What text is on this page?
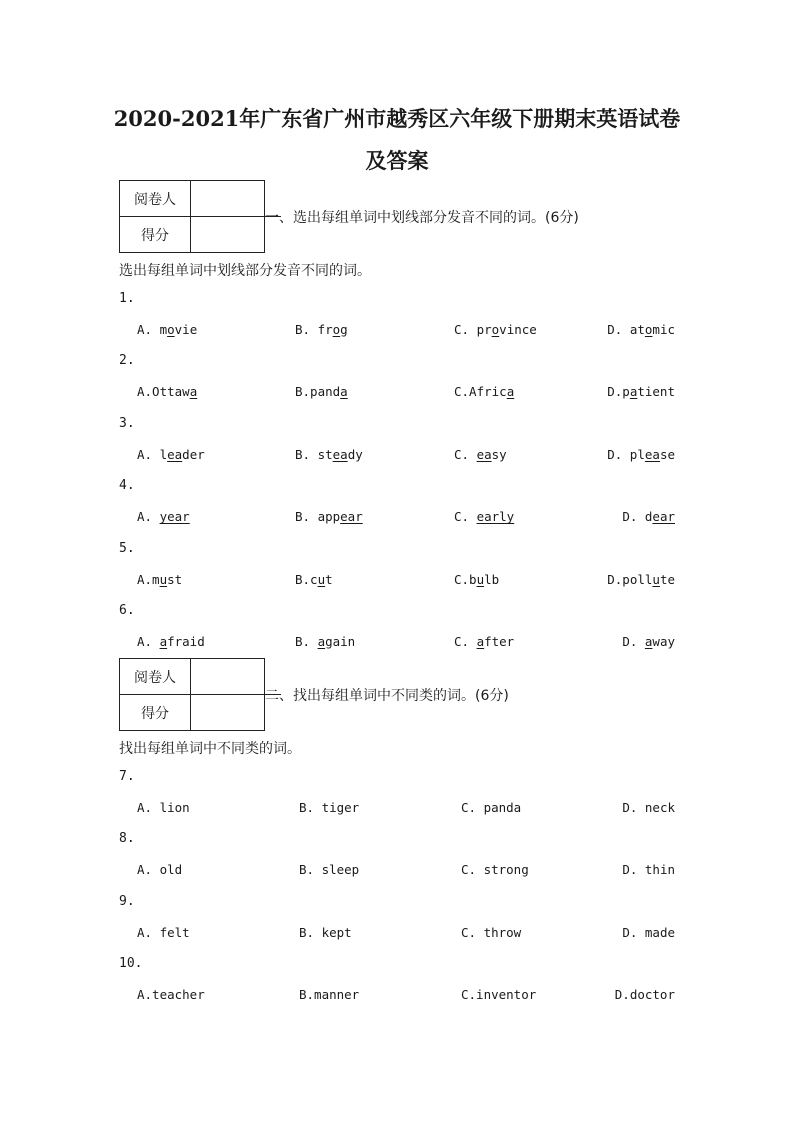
2020-2021年广东省广州市越秀区六年级下册期末英语试卷
及答案
阅卷人	
得分	
一、选出每组单词中划线部分发音不同的词。(6分)
选出每组单词中划线部分发音不同的词。
1.
A. movie	B. frog	C. province	D. atomic
2.
A.Ottawa	B.panda	C.Africa	D.patient
3.
A. leader	B. steady	C. easy	D. please
4.
A. year	B. appear	C. early	D. dear
5.
A.must	B.cut	C.bulb	D.pollute
6.
A. afraid	B. again	C. after	D. away
阅卷人	
得分	
二、找出每组单词中不同类的词。(6分)
找出每组单词中不同类的词。
7.
A. lion	B. tiger	C. panda	D. neck
8.
A. old	B. sleep	C. strong	D. thin
9.
A. felt	B. kept	C. throw	D. made
10.
A.teacher	B.manner	C.inventor	D.doctor
